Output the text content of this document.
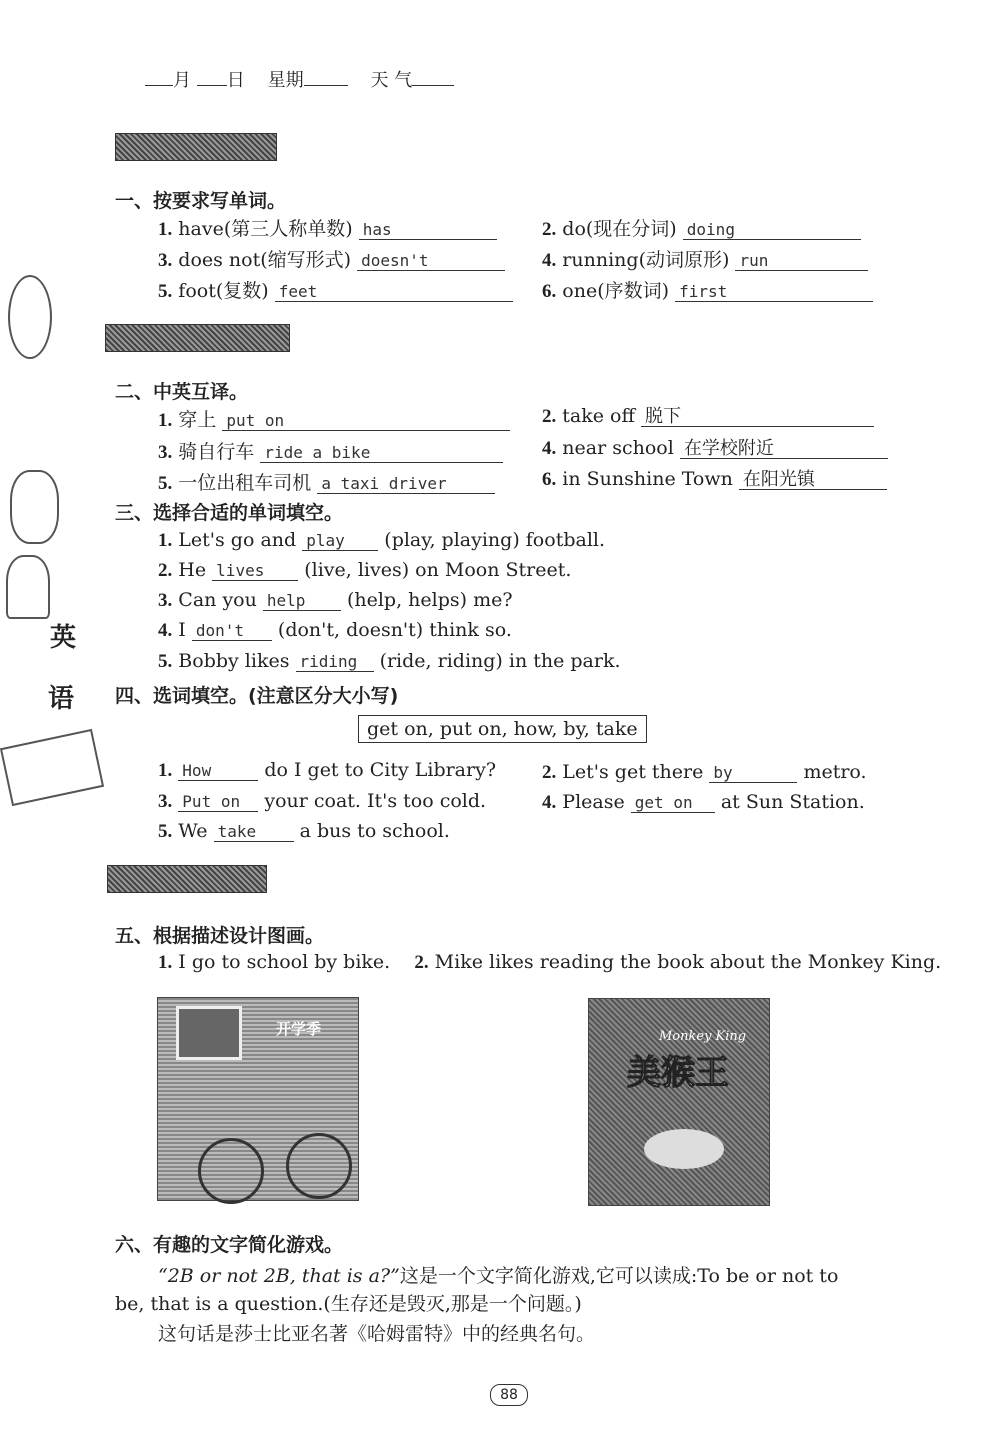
月 日 星期	天 气
英
语
一、按要求写单词。
1. have(第三人称单数) has	2. do(现在分词) doing
3. does not(缩写形式) doesn't	4. running(动词原形) run
5. foot(复数) feet	6. one(序数词) first
二、中英互译。
1. 穿上 put on	2. take off 脱下
3. 骑自行车 ride a bike	4. near school 在学校附近
5. 一位出租车司机 a taxi driver	6. in Sunshine Town 在阳光镇
三、选择合适的单词填空。
1. Let's go and play (play, playing) football.
2. He lives (live, lives) on Moon Street.
3. Can you help (help, helps) me?
4. I don't (don't, doesn't) think so.
5. Bobby likes riding (ride, riding) in the park.
四、选词填空。(注意区分大小写)
get on, put on, how, by, take
1. How	do I get to City Library? 2. Let's get there by	metro.
3. Put on your coat. It's too cold.	4. Please get on at Sun Station.
5. We take a bus to school.
五、根据描述设计图画。
1. I go to school by bike. 2. Mike likes reading the book about the Monkey King.
开学季	Monkey King
美猴王
六、有趣的文字简化游戏。
“2B or not 2B, that is a?”这是一个文字简化游戏,它可以读成:To be or not to
be, that is a question.(生存还是毁灭,那是一个问题。)
这句话是莎士比亚名著《哈姆雷特》中的经典名句。
88
